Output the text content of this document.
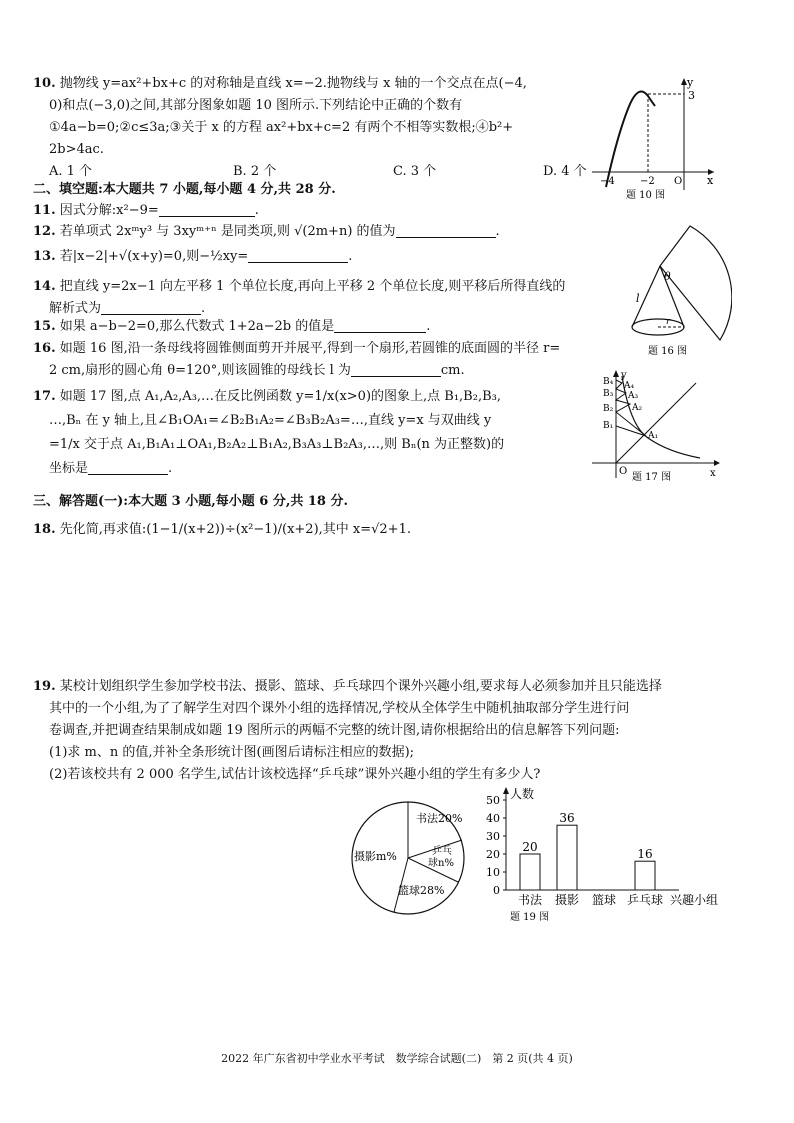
10. 抛物线 y=ax²+bx+c 的对称轴是直线 x=−2.抛物线与 x 轴的一个交点在点(−4,
0)和点(−3,0)之间,其部分图象如题 10 图所示.下列结论中正确的个数有
①4a−b=0;②c≤3a;③关于 x 的方程 ax²+bx+c=2 有两个不相等实数根;④b²+
2b>4ac.
A. 1 个	B. 2 个	C. 3 个	D. 4 个
y
x
3
−4	−2 O
题 10 图
二、填空题:本大题共 7 小题,每小题 4 分,共 28 分.
11. 因式分解:x²−9=	.
12. 若单项式 2xᵐy³ 与 3xyᵐ⁺ⁿ 是同类项,则 √(2m+n) 的值为	.
13. 若|x−2|+√(x+y)=0,则−½xy=	.
14. 把直线 y=2x−1 向左平移 1 个单位长度,再向上平移 2 个单位长度,则平移后所得直线的
解析式为	.
15. 如果 a−b−2=0,那么代数式 1+2a−2b 的值是	.
θ
l
r
题 16 图
16. 如题 16 图,沿一条母线将圆锥侧面剪开并展平,得到一个扇形,若圆锥的底面圆的半径 r=
2 cm,扇形的圆心角 θ=120°,则该圆锥的母线长 l 为	cm.
B₄
B₃
B₂
B₁
A₄
A₃
A₂
A₁
O
y
x
题 17 图
17. 如题 17 图,点 A₁,A₂,A₃,…在反比例函数 y=1/x(x>0)的图象上,点 B₁,B₂,B₃,
…,Bₙ 在 y 轴上,且∠B₁OA₁=∠B₂B₁A₂=∠B₃B₂A₃=…,直线 y=x 与双曲线 y
=1/x 交于点 A₁,B₁A₁⊥OA₁,B₂A₂⊥B₁A₂,B₃A₃⊥B₂A₃,…,则 Bₙ(n 为正整数)的
坐标是	.
三、解答题(一):本大题 3 小题,每小题 6 分,共 18 分.
18. 先化简,再求值:(1−1/(x+2))÷(x²−1)/(x+2),其中 x=√2+1.
19. 某校计划组织学生参加学校书法、摄影、篮球、乒乓球四个课外兴趣小组,要求每人必须参加并且只能选择
其中的一个小组,为了了解学生对四个课外小组的选择情况,学校从全体学生中随机抽取部分学生进行问
卷调查,并把调查结果制成如题 19 图所示的两幅不完整的统计图,请你根据给出的信息解答下列问题:
(1)求 m、n 的值,并补全条形统计图(画图后请标注相应的数据);
(2)若该校共有 2 000 名学生,试估计该校选择“乒乓球”课外兴趣小组的学生有多少人?
书法20%
乒乓
球n%
摄影m%
篮球28%
人数
兴趣小组
0
10
20
30
40
50
书法
20
摄影
36
篮球 乒乓球
16
题 19 图
2022 年广东省初中学业水平考试　数学综合试题(二)　第 2 页(共 4 页)
